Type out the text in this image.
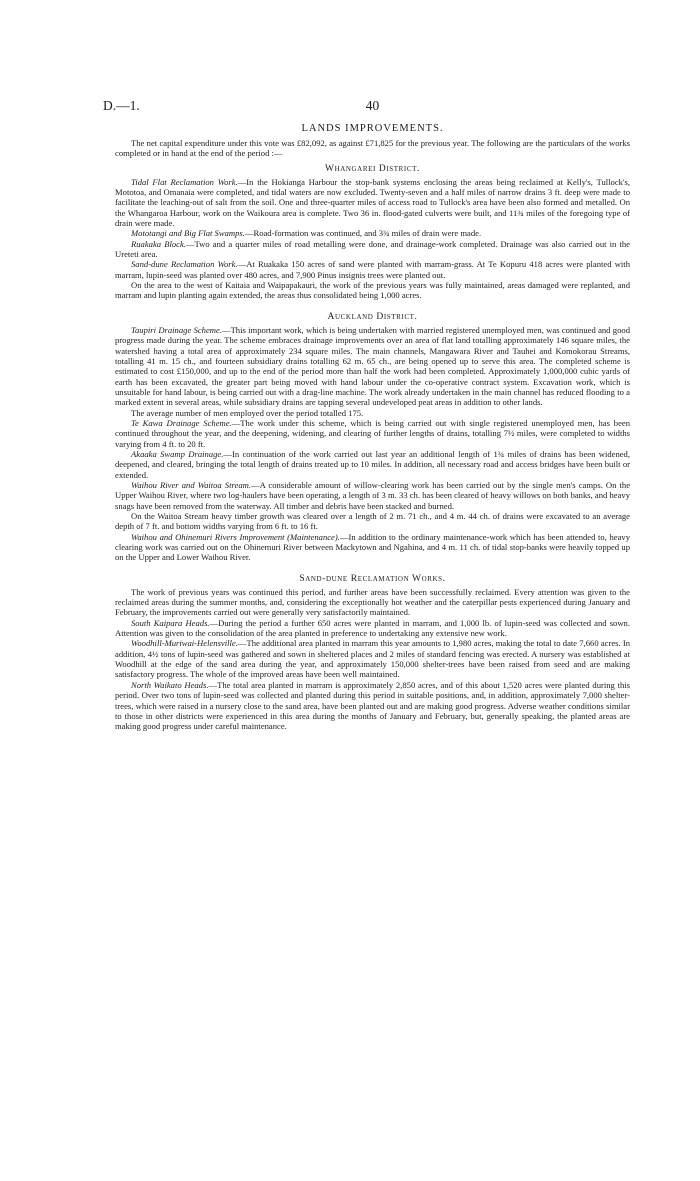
D.—1.	40
LANDS IMPROVEMENTS.

The net capital expenditure under this vote was £82,092, as against £71,825 for the previous year. The following are the particulars of the works completed or in hand at the end of the period :—

Whangarei District.

Tidal Flat Reclamation Work.—In the Hokianga Harbour the stop-bank systems enclosing the areas being reclaimed at Kelly's, Tullock's, Mototoa, and Omanaia were completed, and tidal waters are now excluded. Twenty-seven and a half miles of narrow drains 3 ft. deep were made to facilitate the leaching-out of salt from the soil. One and three-quarter miles of access road to Tullock's area have been also formed and metalled. On the Whangaroa Harbour, work on the Waikoura area is complete. Two 36 in. flood-gated culverts were built, and 11¾ miles of the foregoing type of drain were made.

Mototangi and Big Flat Swamps.—Road-formation was continued, and 3¾ miles of drain were made.

Ruakaka Block.—Two and a quarter miles of road metalling were done, and drainage-work completed. Drainage was also carried out in the Ureteti area.

Sand-dune Reclamation Work.—At Ruakaka 150 acres of sand were planted with marram-grass. At Te Kopuru 418 acres were planted with marram, lupin-seed was planted over 480 acres, and 7,900 Pinus insignis trees were planted out.

On the area to the west of Kaitaia and Waipapakauri, the work of the previous years was fully maintained, areas damaged were replanted, and marram and lupin planting again extended, the areas thus consolidated being 1,000 acres.

Auckland District.

Taupiri Drainage Scheme.—This important work, which is being undertaken with married registered unemployed men, was continued and good progress made during the year. The scheme embraces drainage improvements over an area of flat land totalling approximately 146 square miles, the watershed having a total area of approximately 234 square miles. The main channels, Mangawara River and Tauhei and Komokorau Streams, totalling 41 m. 15 ch., and fourteen subsidiary drains totalling 62 m. 65 ch., are being opened up to serve this area. The completed scheme is estimated to cost £150,000, and up to the end of the period more than half the work had been completed. Approximately 1,000,000 cubic yards of earth has been excavated, the greater part being moved with hand labour under the co-operative contract system. Excavation work, which is unsuitable for hand labour, is being carried out with a drag-line machine. The work already undertaken in the main channel has reduced flooding to a marked extent in several areas, while subsidiary drains are tapping several undeveloped peat areas in addition to other lands.

The average number of men employed over the period totalled 175.

Te Kawa Drainage Scheme.—The work under this scheme, which is being carried out with single registered unemployed men, has been continued throughout the year, and the deepening, widening, and clearing of further lengths of drains, totalling 7½ miles, were completed to widths varying from 4 ft. to 20 ft.

Akaaka Swamp Drainage.—In continuation of the work carried out last year an additional length of 1¾ miles of drains has been widened, deepened, and cleared, bringing the total length of drains treated up to 10 miles. In addition, all necessary road and access bridges have been built or extended.

Waihou River and Waitoa Stream.—A considerable amount of willow-clearing work has been carried out by the single men's camps. On the Upper Waihou River, where two log-haulers have been operating, a length of 3 m. 33 ch. has been cleared of heavy willows on both banks, and heavy snags have been removed from the waterway. All timber and debris have been stacked and burned.

On the Waitoa Stream heavy timber growth was cleared over a length of 2 m. 71 ch., and 4 m. 44 ch. of drains were excavated to an average depth of 7 ft. and bottom widths varying from 6 ft. to 16 ft.

Waihou and Ohinemuri Rivers Improvement (Maintenance).—In addition to the ordinary maintenance-work which has been attended to, heavy clearing work was carried out on the Ohinemuri River between Mackytown and Ngahina, and 4 m. 11 ch. of tidal stop-banks were heavily topped up on the Upper and Lower Waihou River.

Sand-dune Reclamation Works.

The work of previous years was continued this period, and further areas have been successfully reclaimed. Every attention was given to the reclaimed areas during the summer months, and, considering the exceptionally hot weather and the caterpillar pests experienced during January and February, the improvements carried out were generally very satisfactorily maintained.

South Kaipara Heads.—During the period a further 650 acres were planted in marram, and 1,000 lb. of lupin-seed was collected and sown. Attention was given to the consolidation of the area planted in preference to undertaking any extensive new work.

Woodhill-Muriwai-Helensville.—The additional area planted in marram this year amounts to 1,980 acres, making the total to date 7,660 acres. In addition, 4½ tons of lupin-seed was gathered and sown in sheltered places and 2 miles of standard fencing was erected. A nursery was established at Woodhill at the edge of the sand area during the year, and approximately 150,000 shelter-trees have been raised from seed and are making satisfactory progress. The whole of the improved areas have been well maintained.

North Waikato Heads.—The total area planted in marram is approximately 2,850 acres, and of this about 1,520 acres were planted during this period. Over two tons of lupin-seed was collected and planted during this period in suitable positions, and, in addition, approximately 7,000 shelter-trees, which were raised in a nursery close to the sand area, have been planted out and are making good progress. Adverse weather conditions similar to those in other districts were experienced in this area during the months of January and February, but, generally speaking, the planted areas are making good progress under careful maintenance.
